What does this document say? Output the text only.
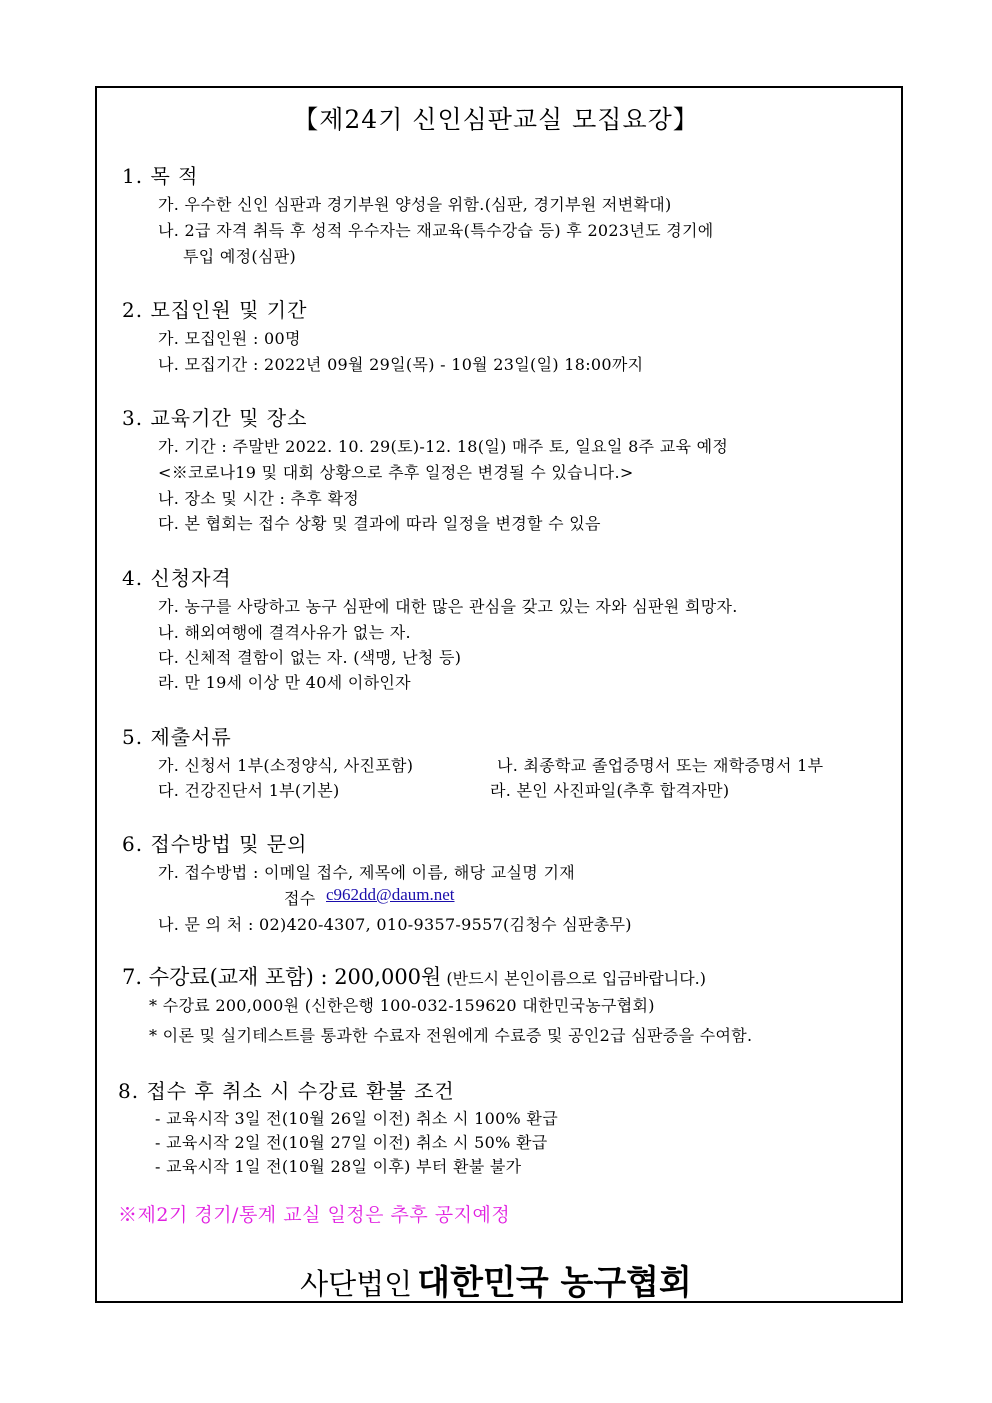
【제24기 신인심판교실 모집요강】
1. 목 적
가. 우수한 신인 심판과 경기부원 양성을 위함.(심판, 경기부원 저변확대)
나. 2급 자격 취득 후 성적 우수자는 재교육(특수강습 등) 후 2023년도 경기에
투입 예정(심판)
2. 모집인원 및 기간
가. 모집인원 : 00명
나. 모집기간 : 2022년 09월 29일(목) - 10월 23일(일) 18:00까지
3. 교육기간 및 장소
가. 기간 : 주말반 2022. 10. 29(토)-12. 18(일) 매주 토, 일요일 8주 교육 예정
<※코로나19 및 대회 상황으로 추후 일정은 변경될 수 있습니다.>
나. 장소 및 시간 : 추후 확정
다. 본 협회는 접수 상황 및 결과에 따라 일정을 변경할 수 있음
4. 신청자격
가. 농구를 사랑하고 농구 심판에 대한 많은 관심을 갖고 있는 자와 심판원 희망자.
나. 해외여행에 결격사유가 없는 자.
다. 신체적 결함이 없는 자. (색맹, 난청 등)
라. 만 19세 이상 만 40세 이하인자
5. 제출서류
가. 신청서 1부(소정양식, 사진포함)	나. 최종학교 졸업증명서 또는 재학증명서 1부
다. 건강진단서 1부(기본)	라. 본인 사진파일(추후 합격자만)
6. 접수방법 및 문의
가. 접수방법 : 이메일 접수, 제목에 이름, 해당 교실명 기재
접수 c962dd@daum.net
나. 문 의 처 : 02)420-4307, 010-9357-9557(김청수 심판총무)
7. 수강료(교재 포함) : 200,000원 (반드시 본인이름으로 입금바랍니다.)
* 수강료 200,000원 (신한은행 100-032-159620 대한민국농구협회)
* 이론 및 실기테스트를 통과한 수료자 전원에게 수료증 및 공인2급 심판증을 수여함.
8. 접수 후 취소 시 수강료 환불 조건
- 교육시작 3일 전(10월 26일 이전) 취소 시 100% 환급
- 교육시작 2일 전(10월 27일 이전) 취소 시 50% 환급
- 교육시작 1일 전(10월 28일 이후) 부터 환불 불가
※제2기 경기/통계 교실 일정은 추후 공지예정
사단법인 대한민국 농구협회
